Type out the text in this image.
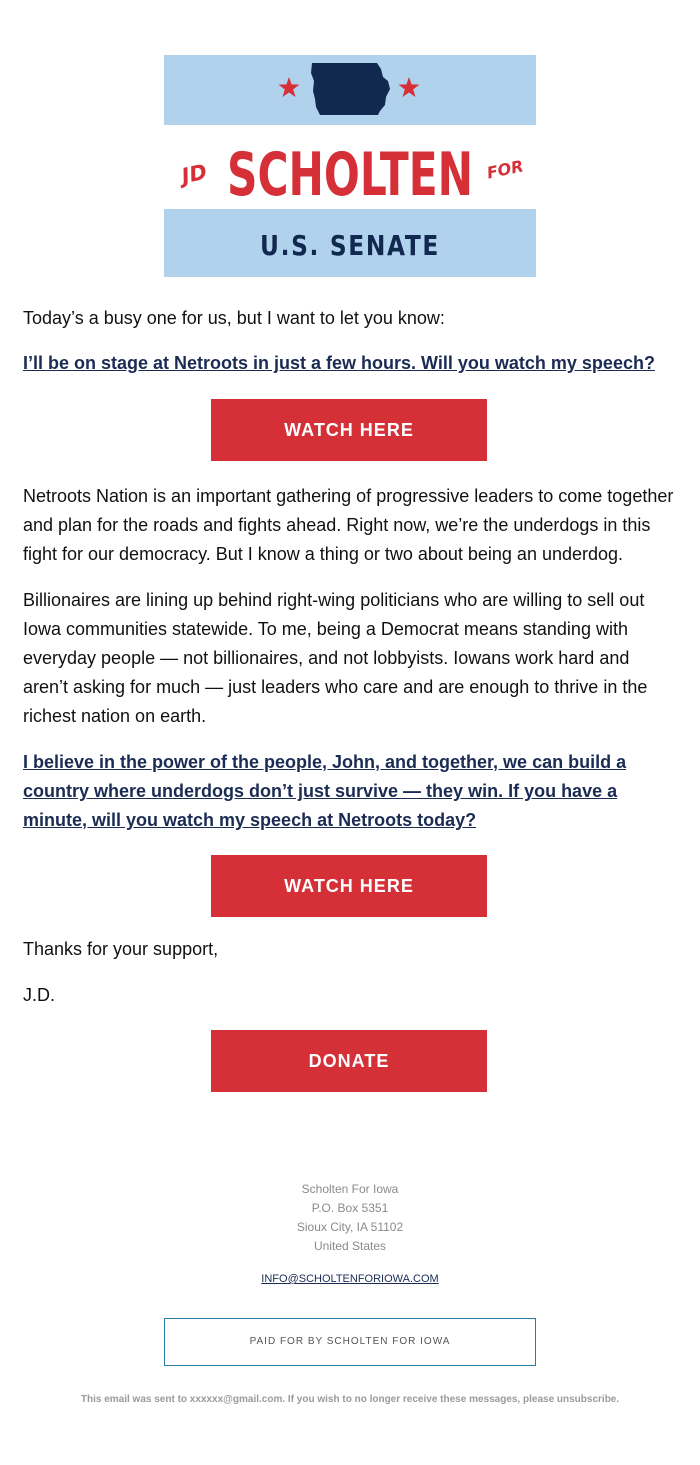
JD SCHOLTEN FOR
U.S. SENATE

Today’s a busy one for us, but I want to let you know:

I’ll be on stage at Netroots in just a few hours. Will you watch my speech?
WATCH HERE

Netroots Nation is an important gathering of progressive leaders to come together and plan for the roads and fights ahead. Right now, we’re the underdogs in this fight for our democracy. But I know a thing or two about being an underdog.

Billionaires are lining up behind right-wing politicians who are willing to sell out Iowa communities statewide. To me, being a Democrat means standing with everyday people — not billionaires, and not lobbyists. Iowans work hard and aren’t asking for much — just leaders who care and are enough to thrive in the richest nation on earth.

I believe in the power of the people, John, and together, we can build a country where underdogs don’t just survive — they win. If you have a minute, will you watch my speech at Netroots today?
WATCH HERE

Thanks for your support,

J.D.

DONATE
Scholten For Iowa
P.O. Box 5351
Sioux City, IA 51102
United States
INFO@SCHOLTENFORIOWA.COM
PAID FOR BY SCHOLTEN FOR IOWA
This email was sent to xxxxxx@gmail.com. If you wish to no longer receive these messages, please unsubscribe.
